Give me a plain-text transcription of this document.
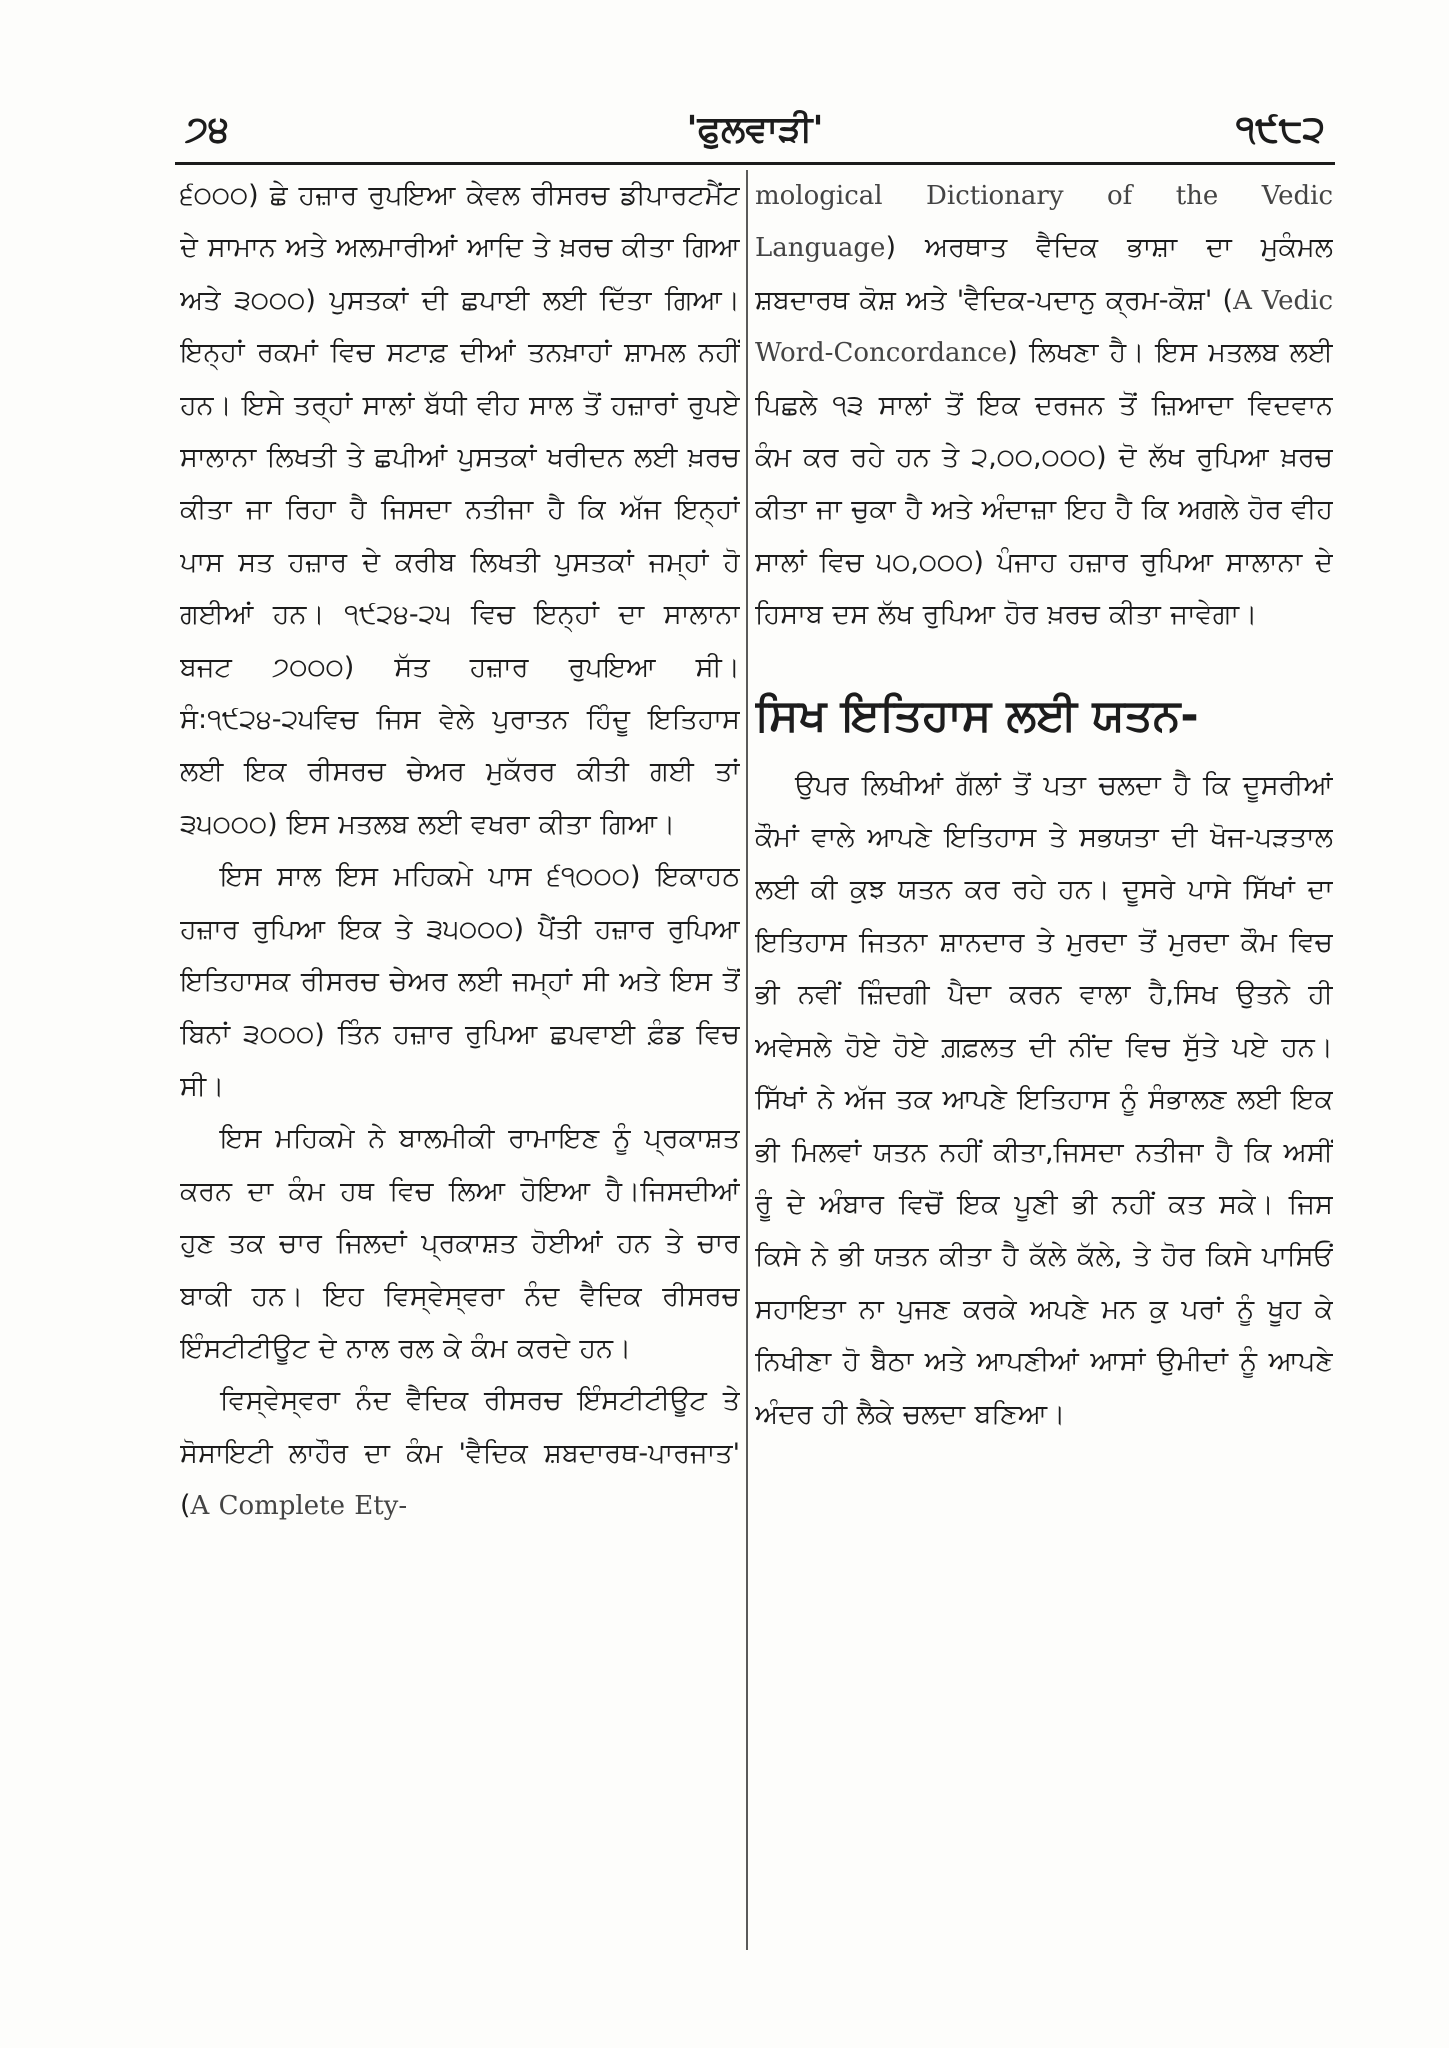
੭੪	'ਫੁਲਵਾੜੀ'	੧੯੮੨

੬੦੦੦) ਛੇ ਹਜ਼ਾਰ ਰੁਪਇਆ ਕੇਵਲ ਰੀਸਰਚ ਡੀਪਾਰਟਮੈਂਟ ਦੇ ਸਾਮਾਨ ਅਤੇ ਅਲਮਾਰੀਆਂ ਆਦਿ ਤੇ ਖ਼ਰਚ ਕੀਤਾ ਗਿਆ ਅਤੇ ੩੦੦੦) ਪੁਸਤਕਾਂ ਦੀ ਛਪਾਈ ਲਈ ਦਿੱਤਾ ਗਿਆ। ਇਨ੍ਹਾਂ ਰਕਮਾਂ ਵਿਚ ਸਟਾਫ਼ ਦੀਆਂ ਤਨਖ਼ਾਹਾਂ ਸ਼ਾਮਲ ਨਹੀਂ ਹਨ। ਇਸੇ ਤਰ੍ਹਾਂ ਸਾਲਾਂ ਬੱਧੀ ਵੀਹ ਸਾਲ ਤੋਂ ਹਜ਼ਾਰਾਂ ਰੁਪਏ ਸਾਲਾਨਾ ਲਿਖਤੀ ਤੇ ਛਪੀਆਂ ਪੁਸਤਕਾਂ ਖਰੀਦਨ ਲਈ ਖ਼ਰਚ ਕੀਤਾ ਜਾ ਰਿਹਾ ਹੈ ਜਿਸਦਾ ਨਤੀਜਾ ਹੈ ਕਿ ਅੱਜ ਇਨ੍ਹਾਂ ਪਾਸ ਸਤ ਹਜ਼ਾਰ ਦੇ ਕਰੀਬ ਲਿਖਤੀ ਪੁਸਤਕਾਂ ਜਮ੍ਹਾਂ ਹੋ ਗਈਆਂ ਹਨ। ੧੯੨੪-੨੫ ਵਿਚ ਇਨ੍ਹਾਂ ਦਾ ਸਾਲਾਨਾ ਬਜਟ ੭੦੦੦) ਸੱਤ ਹਜ਼ਾਰ ਰੁਪਇਆ ਸੀ।ਸੰ:੧੯੨੪-੨੫ਵਿਚ ਜਿਸ ਵੇਲੇ ਪੁਰਾਤਨ ਹਿੰਦੂ ਇਤਿਹਾਸ ਲਈ ਇਕ ਰੀਸਰਚ ਚੇਅਰ ਮੁਕੱਰਰ ਕੀਤੀ ਗਈ ਤਾਂ ੩੫੦੦੦) ਇਸ ਮਤਲਬ ਲਈ ਵਖਰਾ ਕੀਤਾ ਗਿਆ।

ਇਸ ਸਾਲ ਇਸ ਮਹਿਕਮੇ ਪਾਸ ੬੧੦੦੦) ਇਕਾਹਠ ਹਜ਼ਾਰ ਰੁਪਿਆ ਇਕ ਤੇ ੩੫੦੦੦) ਪੈਂਤੀ ਹਜ਼ਾਰ ਰੁਪਿਆ ਇਤਿਹਾਸਕ ਰੀਸਰਚ ਚੇਅਰ ਲਈ ਜਮ੍ਹਾਂ ਸੀ ਅਤੇ ਇਸ ਤੋਂ ਬਿਨਾਂ ੩੦੦੦) ਤਿੰਨ ਹਜ਼ਾਰ ਰੁਪਿਆ ਛਪਵਾਈ ਫ਼ੰਡ ਵਿਚ ਸੀ।

ਇਸ ਮਹਿਕਮੇ ਨੇ ਬਾਲਮੀਕੀ ਰਾਮਾਇਣ ਨੂੰ ਪ੍ਰਕਾਸ਼ਤ ਕਰਨ ਦਾ ਕੰਮ ਹਥ ਵਿਚ ਲਿਆ ਹੋਇਆ ਹੈ।ਜਿਸਦੀਆਂ ਹੁਣ ਤਕ ਚਾਰ ਜਿਲਦਾਂ ਪ੍ਰਕਾਸ਼ਤ ਹੋਈਆਂ ਹਨ ਤੇ ਚਾਰ ਬਾਕੀ ਹਨ। ਇਹ ਵਿਸ੍ਵੇਸ੍ਵਰਾ ਨੰਦ ਵੈਦਿਕ ਰੀਸਰਚ ਇੰਸਟੀਟੀਊਟ ਦੇ ਨਾਲ ਰਲ ਕੇ ਕੰਮ ਕਰਦੇ ਹਨ।

ਵਿਸ੍ਵੇਸ੍ਵਰਾ ਨੰਦ ਵੈਦਿਕ ਰੀਸਰਚ ਇੰਸਟੀਟੀਊਟ ਤੇ ਸੋਸਾਇਟੀ ਲਾਹੌਰ ਦਾ ਕੰਮ 'ਵੈਦਿਕ ਸ਼ਬਦਾਰਥ-ਪਾਰਜਾਤ' (A Complete Ety-

mological Dictionary of the Vedic Language) ਅਰਥਾਤ ਵੈਦਿਕ ਭਾਸ਼ਾ ਦਾ ਮੁਕੰਮਲ ਸ਼ਬਦਾਰਥ ਕੋਸ਼ ਅਤੇ 'ਵੈਦਿਕ-ਪਦਾਨੁ ਕ੍ਰਮ-ਕੋਸ਼' (A Vedic Word-Concordance) ਲਿਖਣਾ ਹੈ। ਇਸ ਮਤਲਬ ਲਈ ਪਿਛਲੇ ੧੩ ਸਾਲਾਂ ਤੋਂ ਇਕ ਦਰਜਨ ਤੋਂ ਜ਼ਿਆਦਾ ਵਿਦਵਾਨ ਕੰਮ ਕਰ ਰਹੇ ਹਨ ਤੇ ੨,੦੦,੦੦੦) ਦੋ ਲੱਖ ਰੁਪਿਆ ਖ਼ਰਚ ਕੀਤਾ ਜਾ ਚੁਕਾ ਹੈ ਅਤੇ ਅੰਦਾਜ਼ਾ ਇਹ ਹੈ ਕਿ ਅਗਲੇ ਹੋਰ ਵੀਹ ਸਾਲਾਂ ਵਿਚ ੫੦,੦੦੦) ਪੰਜਾਹ ਹਜ਼ਾਰ ਰੁਪਿਆ ਸਾਲਾਨਾ ਦੇ ਹਿਸਾਬ ਦਸ ਲੱਖ ਰੁਪਿਆ ਹੋਰ ਖ਼ਰਚ ਕੀਤਾ ਜਾਵੇਗਾ।

ਸਿਖ ਇਤਿਹਾਸ ਲਈ ਯਤਨ-

ਉਪਰ ਲਿਖੀਆਂ ਗੱਲਾਂ ਤੋਂ ਪਤਾ ਚਲਦਾ ਹੈ ਕਿ ਦੂਸਰੀਆਂ ਕੌਮਾਂ ਵਾਲੇ ਆਪਣੇ ਇਤਿਹਾਸ ਤੇ ਸਭਯਤਾ ਦੀ ਖੋਜ-ਪੜਤਾਲ ਲਈ ਕੀ ਕੁਝ ਯਤਨ ਕਰ ਰਹੇ ਹਨ। ਦੂਸਰੇ ਪਾਸੇ ਸਿੱਖਾਂ ਦਾ ਇਤਿਹਾਸ ਜਿਤਨਾ ਸ਼ਾਨਦਾਰ ਤੇ ਮੁਰਦਾ ਤੋਂ ਮੁਰਦਾ ਕੌਮ ਵਿਚ ਭੀ ਨਵੀਂ ਜ਼ਿੰਦਗੀ ਪੈਦਾ ਕਰਨ ਵਾਲਾ ਹੈ,ਸਿਖ ਉਤਨੇ ਹੀ ਅਵੇਸਲੇ ਹੋਏ ਹੋਏ ਗ਼ਫ਼ਲਤ ਦੀ ਨੀਂਦ ਵਿਚ ਸੁੱਤੇ ਪਏ ਹਨ। ਸਿੱਖਾਂ ਨੇ ਅੱਜ ਤਕ ਆਪਣੇ ਇਤਿਹਾਸ ਨੂੰ ਸੰਭਾਲਣ ਲਈ ਇਕ ਭੀ ਮਿਲਵਾਂ ਯਤਨ ਨਹੀਂ ਕੀਤਾ,ਜਿਸਦਾ ਨਤੀਜਾ ਹੈ ਕਿ ਅਸੀਂ ਰੂੰ ਦੇ ਅੰਬਾਰ ਵਿਚੋਂ ਇਕ ਪੂਣੀ ਭੀ ਨਹੀਂ ਕਤ ਸਕੇ। ਜਿਸ ਕਿਸੇ ਨੇ ਭੀ ਯਤਨ ਕੀਤਾ ਹੈ ਕੱਲੇ ਕੱਲੇ, ਤੇ ਹੋਰ ਕਿਸੇ ਪਾਸਿਓਂ ਸਹਾਇਤਾ ਨਾ ਪੁਜਣ ਕਰਕੇ ਅਪਣੇ ਮਨ ਕੁ ਪਰਾਂ ਨੂੰ ਖੂਹ ਕੇ ਨਿਖੀਣਾ ਹੋ ਬੈਠਾ ਅਤੇ ਆਪਣੀਆਂ ਆਸਾਂ ਉਮੀਦਾਂ ਨੂੰ ਆਪਣੇ ਅੰਦਰ ਹੀ ਲੈਕੇ ਚਲਦਾ ਬਣਿਆ।
